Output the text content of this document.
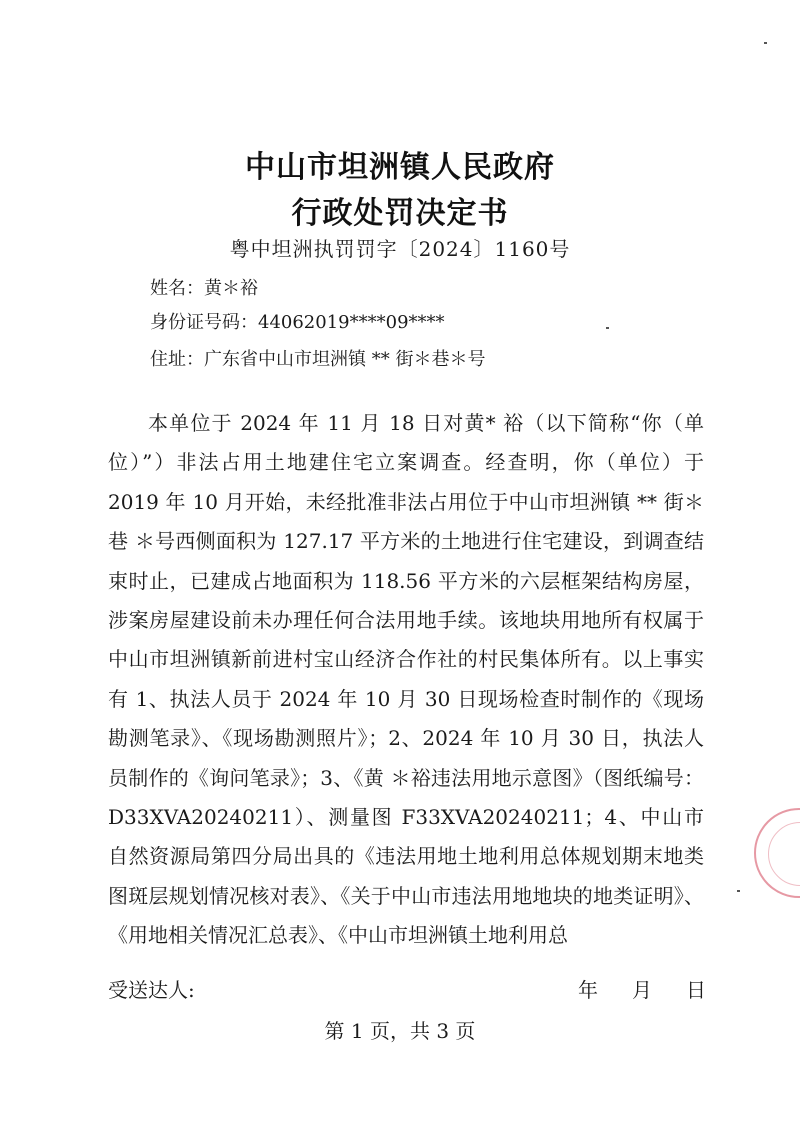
中山市坦洲镇人民政府
行政处罚决定书
粤中坦洲执罚罚字〔2024〕1160号
姓名：黄＊裕
身份证号码：44062019****09****
住址：广东省中山市坦洲镇 ** 街＊巷＊号

本单位于 2024 年 11 月 18 日对黄* 裕（以下简称“你（单位）”）非法占用土地建住宅立案调查。经查明，你（单位）于 2019 年 10 月开始，未经批准非法占用位于中山市坦洲镇 ** 街＊巷 ＊号西侧面积为 127.17 平方米的土地进行住宅建设，到调查结束时止，已建成占地面积为 118.56 平方米的六层框架结构房屋，涉案房屋建设前未办理任何合法用地手续。该地块用地所有权属于中山市坦洲镇新前进村宝山经济合作社的村民集体所有。以上事实有 1、执法人员于 2024 年 10 月 30 日现场检查时制作的《现场勘测笔录》、《现场勘测照片》；2、2024 年 10 月 30 日，执法人员制作的《询问笔录》；3、《黄 ＊裕违法用地示意图》（图纸编号：D33XVA20240211）、测量图 F33XVA20240211；4、中山市自然资源局第四分局出具的《违法用地土地利用总体规划期末地类图斑层规划情况核对表》、《关于中山市违法用地地块的地类证明》、《用地相关情况汇总表》、《中山市坦洲镇土地利用总

受送达人:	年 月 日
第 1 页，共 3 页
